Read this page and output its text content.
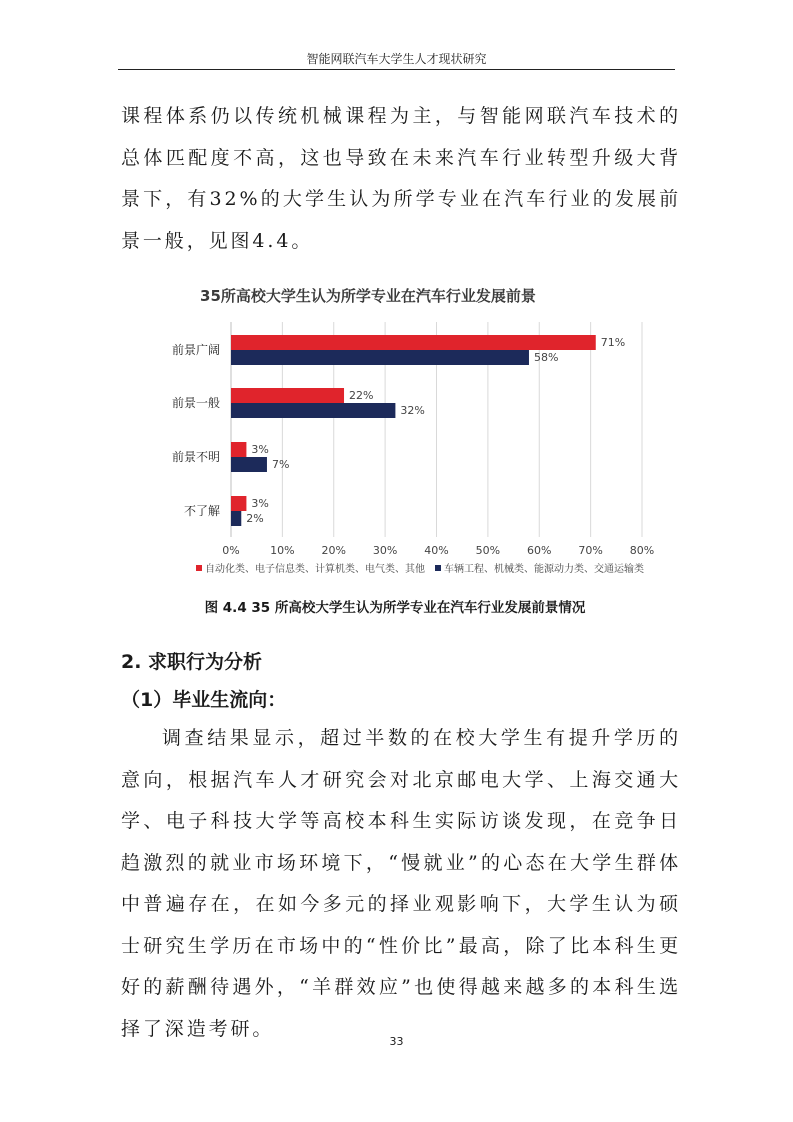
智能网联汽车大学生人才现状研究

课程体系仍以传统机械课程为主，与智能网联汽车技术的总体匹配度不高，这也导致在未来汽车行业转型升级大背景下，有32%的大学生认为所学专业在汽车行业的发展前景一般，见图4.4。

35所高校大学生认为所学专业在汽车行业发展前景
0%	10% 20% 30% 40% 50% 60% 70% 80%
前景广阔
71%
58%
前景一般
22%
32%
前景不明
3%
7%
不了解
3%
2%
自动化类、电子信息类、计算机类、电气类、其他 车辆工程、机械类、能源动力类、交通运输类
图 4.4 35 所高校大学生认为所学专业在汽车行业发展前景情况
2. 求职行为分析
（1）毕业生流向：

调查结果显示，超过半数的在校大学生有提升学历的意向，根据汽车人才研究会对北京邮电大学、上海交通大学、电子科技大学等高校本科生实际访谈发现，在竞争日趋激烈的就业市场环境下，“慢就业”的心态在大学生群体中普遍存在，在如今多元的择业观影响下，大学生认为硕士研究生学历在市场中的“性价比”最高，除了比本科生更好的薪酬待遇外，“羊群效应”也使得越来越多的本科生选择了深造考研。

33
